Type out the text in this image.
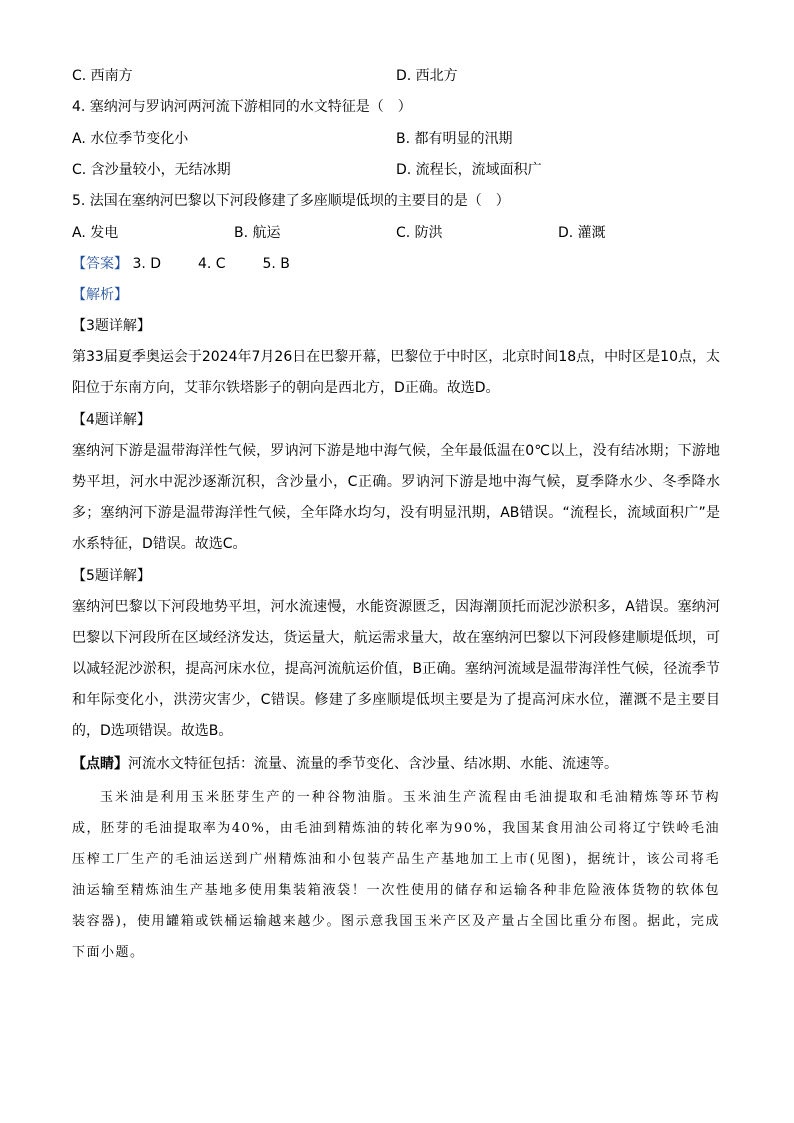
C. 西南方	D. 西北方
4. 塞纳河与罗讷河两河流下游相同的水文特征是（　）
A. 水位季节变化小	B. 都有明显的汛期
C. 含沙量较小，无结冰期	D. 流程长，流域面积广
5. 法国在塞纳河巴黎以下河段修建了多座顺堤低坝的主要目的是（　）
A. 发电	B. 航运	C. 防洪	D. 灌溉
【答案】 3. D	4. C	5. B
【解析】
【3题详解】
第33届夏季奥运会于2024年7月26日在巴黎开幕，巴黎位于中时区，北京时间18点，中时区是10点，太阳位于东南方向，艾菲尔铁塔影子的朝向是西北方，D正确。故选D。
【4题详解】
塞纳河下游是温带海洋性气候，罗讷河下游是地中海气候，全年最低温在0℃以上，没有结冰期；下游地势平坦，河水中泥沙逐渐沉积，含沙量小，C正确。罗讷河下游是地中海气候，夏季降水少、冬季降水多；塞纳河下游是温带海洋性气候，全年降水均匀，没有明显汛期，AB错误。“流程长，流域面积广”是水系特征，D错误。故选C。
【5题详解】
塞纳河巴黎以下河段地势平坦，河水流速慢，水能资源匮乏，因海潮顶托而泥沙淤积多，A错误。塞纳河巴黎以下河段所在区域经济发达，货运量大，航运需求量大，故在塞纳河巴黎以下河段修建顺堤低坝，可以减轻泥沙淤积，提高河床水位，提高河流航运价值，B正确。塞纳河流域是温带海洋性气候，径流季节和年际变化小，洪涝灾害少，C错误。修建了多座顺堤低坝主要是为了提高河床水位，灌溉不是主要目的，D选项错误。故选B。
【点睛】河流水文特征包括：流量、流量的季节变化、含沙量、结冰期、水能、流速等。
玉米油是利用玉米胚芽生产的一种谷物油脂。玉米油生产流程由毛油提取和毛油精炼等环节构成，胚芽的毛油提取率为40%，由毛油到精炼油的转化率为90%，我国某食用油公司将辽宁铁岭毛油压榨工厂生产的毛油运送到广州精炼油和小包装产品生产基地加工上市(见图)，据统计，该公司将毛油运输至精炼油生产基地多使用集装箱液袋！一次性使用的储存和运输各种非危险液体货物的软体包装容器)，使用罐箱或铁桶运输越来越少。图示意我国玉米产区及产量占全国比重分布图。据此，完成下面小题。
